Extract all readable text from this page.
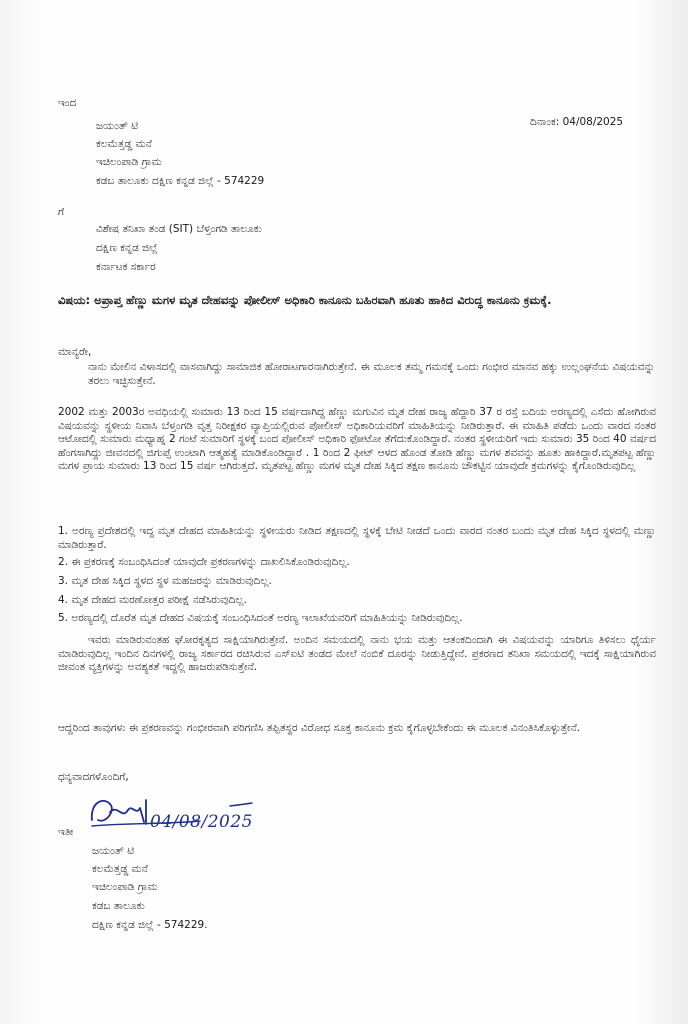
ಇಂದ
ದಿನಾಂಕ: 04/08/2025
ಜಯಂತ್ ಟಿ
ಕಲಮೆತ್ತಡ್ಡ ಮನೆ
ಇಚಿಲಂಪಾಡಿ ಗ್ರಾಮ
ಕಡಬ ತಾಲೂಕು ದಕ್ಷಿಣ ಕನ್ನಡ ಜಿಲ್ಲೆ - 574229
ಗೆ
ವಿಶೇಷ ತನಿಖಾ ತಂಡ (SIT) ಬೆಳ್ತಂಗಡಿ ತಾಲೂಕು
ದಕ್ಷಿಣ ಕನ್ನಡ ಜಿಲ್ಲೆ
ಕರ್ನಾಟಕ ಸರ್ಕಾರ
ವಿಷಯ: ಅಪ್ರಾಪ್ತ ಹೆಣ್ಣು ಮಗಳ ಮೃತ ದೇಹವನ್ನು ಪೋಲೀಸ್ ಅಧಿಕಾರಿ ಕಾನೂನು ಬಹಿರವಾಗಿ ಹೂತು ಹಾಕಿದ ವಿರುದ್ಧ ಕಾನೂನು ಕ್ರಮಕ್ಕೆ.
ಮಾನ್ಯರೇ,
ನಾನು ಮೇಲಿನ ವಿಳಾಸದಲ್ಲಿ ವಾಸವಾಗಿದ್ದು ಸಾಮಾಜಿಕ ಹೋರಾಟಗಾರನಾಗಿರುತ್ತೇನೆ. ಈ ಮೂಲಕ ತಮ್ಮ ಗಮನಕ್ಕೆ ಒಂದು ಗಂಭೀರ ಮಾನವ ಹಕ್ಕು ಉಲ್ಲಂಘನೆಯ ವಿಷಯವನ್ನು ತರಲು ಇಚ್ಛಿಸುತ್ತೇನೆ.
2002 ಮತ್ತು 2003ರ ಅವಧಿಯಲ್ಲಿ ಸುಮಾರು 13 ರಿಂದ 15 ವರ್ಷದಾಗಿದ್ದ ಹೆಣ್ಣು ಮಗುವಿನ ಮೃತ ದೇಹ ರಾಜ್ಯ ಹೆದ್ದಾರಿ 37 ರ ರಸ್ತೆ ಬದಿಯ ಅರಣ್ಯದಲ್ಲಿ ಎಸೆದು ಹೋಗಿರುವ ವಿಷಯವನ್ನು ಸ್ಥಳೀಯ ನಿವಾಸಿ ಬೆಳ್ತಂಗಡಿ ವೃತ್ತ ನಿರೀಕ್ಷಕರ ವ್ಯಾಪ್ತಿಯಲ್ಲಿರುವ ಪೋಲೀಸ್ ಅಧಿಕಾರಿಯವರಿಗೆ ಮಾಹಿತಿಯನ್ನು ನೀಡಿರುತ್ತಾರೆ. ಈ ಮಾಹಿತಿ ಪಡೆದು ಒಂದು ವಾರದ ನಂತರ ಆಟೋದಲ್ಲಿ ಸುಮಾರು ಮಧ್ಯಾಹ್ನ 2 ಗಂಟೆ ಸುಮಾರಿಗೆ ಸ್ಥಳಕ್ಕೆ ಬಂದ ಪೋಲೀಸ್ ಅಧಿಕಾರಿ ಫೋಟೋ ತೆಗೆದುಕೊಂಡಿದ್ದಾರೆ. ನಂತರ ಸ್ಥಳೀಯರಿಗೆ ಇದು ಸುಮಾರು 35 ರಿಂದ 40 ವರ್ಷದ ಹೆಂಗಸಾಗಿದ್ದು ಜೀವನದಲ್ಲಿ ಜಿಗುಪ್ಸೆ ಉಂಟಾಗಿ ಆತ್ಮಹತ್ಯೆ ಮಾಡಿಕೊಂಡಿದ್ದಾರೆ . 1 ರಿಂದ 2 ಫೀಟ್ ಆಳದ ಹೊಂಡ ತೋಡಿ ಹೆಣ್ಣು ಮಗಳ ಶವವನ್ನು ಹೂತು ಹಾಕಿದ್ದಾರೆ.ಮೃತಪಟ್ಟ ಹೆಣ್ಣು ಮಗಳ ಪ್ರಾಯ ಸುಮಾರು 13 ರಿಂದ 15 ವರ್ಷ ಆಗಿರುತ್ತದೆ. ಮೃತಪಟ್ಟ ಹೆಣ್ಣು ಮಗಳ ಮೃತ ದೇಹ ಸಿಕ್ಕಿದ ತಕ್ಷಣ ಕಾನೂನು ಚೌಕಟ್ಟಿನ ಯಾವುದೇ ಕ್ರಮಗಳನ್ನು ಕೈಗೊಂಡಿರುವುದಿಲ್ಲ
1. ಅರಣ್ಯ ಪ್ರದೇಶದಲ್ಲಿ ಇದ್ದ ಮೃತ ದೇಹದ ಮಾಹಿತಿಯನ್ನು ಸ್ಥಳೀಯರು ನೀಡಿದ ತಕ್ಷಣದಲ್ಲಿ ಸ್ಥಳಕ್ಕೆ ಬೇಟಿ ನೀಡದೆ ಒಂದು ವಾರದ ನಂತರ ಬಂದು ಮೃತ ದೇಹ ಸಿಕ್ಕಿದ ಸ್ಥಳದಲ್ಲಿ ಮಣ್ಣು ಮಾಡಿರುತ್ತಾರೆ.
2. ಈ ಪ್ರಕರಣಕ್ಕೆ ಸಂಬಂಧಿಸಿದಂತೆ ಯಾವುದೇ ಪ್ರಕರಣಗಳನ್ನು ದಾಖಲಿಸಿಕೊಂಡಿರುವುದಿಲ್ಲ.
3. ಮೃತ ದೇಹ ಸಿಕ್ಕಿದ ಸ್ಥಳದ ಸ್ಥಳ ಮಹಜರನ್ನು ಮಾಡಿರುವುದಿಲ್ಲ.
4. ಮೃತ ದೇಹದ ಮರಣೋತ್ತರ ಪರೀಕ್ಷೆ ನಡೆಸಿರುವುದಿಲ್ಲ.
5. ಅರಣ್ಯದಲ್ಲಿ ದೊರೆತ ಮೃತ ದೇಹದ ವಿಷಯಕ್ಕೆ ಸಂಬಂಧಿಸಿದಂತೆ ಅರಣ್ಯ ಇಲಾಖೆಯವರಿಗೆ ಮಾಹಿತಿಯನ್ನು ನೀಡಿರುವುದಿಲ್ಲ.
ಇವರು ಮಾಡಿರುವಂತಹ ಘೋರಕೃತ್ಯದ ಸಾಕ್ಷಿಯಾಗಿರುತ್ತೇನೆ. ಅಂದಿನ ಸಮಯದಲ್ಲಿ ನಾನು ಭಯ ಮತ್ತು ಆತಂಕದಿಂದಾಗಿ ಈ ವಿಷಯವನ್ನು ಯಾರಿಗೂ ತಿಳಿಸಲು ಧೈರ್ಯ ಮಾಡಿರುವುದಿಲ್ಲ ಇಂದಿನ ದಿನಗಳಲ್ಲಿ ರಾಜ್ಯ ಸರ್ಕಾರದ ರಚಿಸಿರುವ ಎಸ್ಐಟಿ ತಂಡದ ಮೇಲೆ ನಂಬಿಕೆ ದೂರನ್ನು ನೀಡುತ್ತಿದ್ದೇನೆ. ಪ್ರಕರಣದ ತನಿಖಾ ಸಮಯದಲ್ಲಿ ಇದಕ್ಕೆ ಸಾಕ್ಷಿಯಾಗಿರುವ ಜೀವಂತ ವ್ಯಕ್ತಿಗಳನ್ನು ಅವಶ್ಯಕತೆ ಇದ್ದಲ್ಲಿ ಹಾಜರುಪಡಿಸುತ್ತೇನೆ.
ಆದ್ದರಿಂದ ತಾವುಗಳು ಈ ಪ್ರಕರಣವನ್ನು ಗಂಭೀರವಾಗಿ ಪರಿಗಣಿಸಿ ತಪ್ಪಿತಸ್ಥರ ವಿರೋಧ ಸೂಕ್ತ ಕಾನೂನು ಕ್ರಮ ಕೈಗೊಳ್ಳಬೇಕೆಂದು ಈ ಮೂಲಕ ವಿನಂತಿಸಿಕೊಳ್ಳುತ್ತೇನೆ.
ಧನ್ಯವಾದಗಳೊಂದಿಗೆ,
ಇತೀ	04/08/2025
ಜಯಂತ್ ಟಿ
ಕಲಮೆತ್ತಡ್ಡ ಮನೆ
ಇಚಿಲಂಪಾಡಿ ಗ್ರಾಮ
ಕಡಬ ತಾಲೂಕು
ದಕ್ಷಿಣ ಕನ್ನಡ ಜಿಲ್ಲೆ - 574229.
